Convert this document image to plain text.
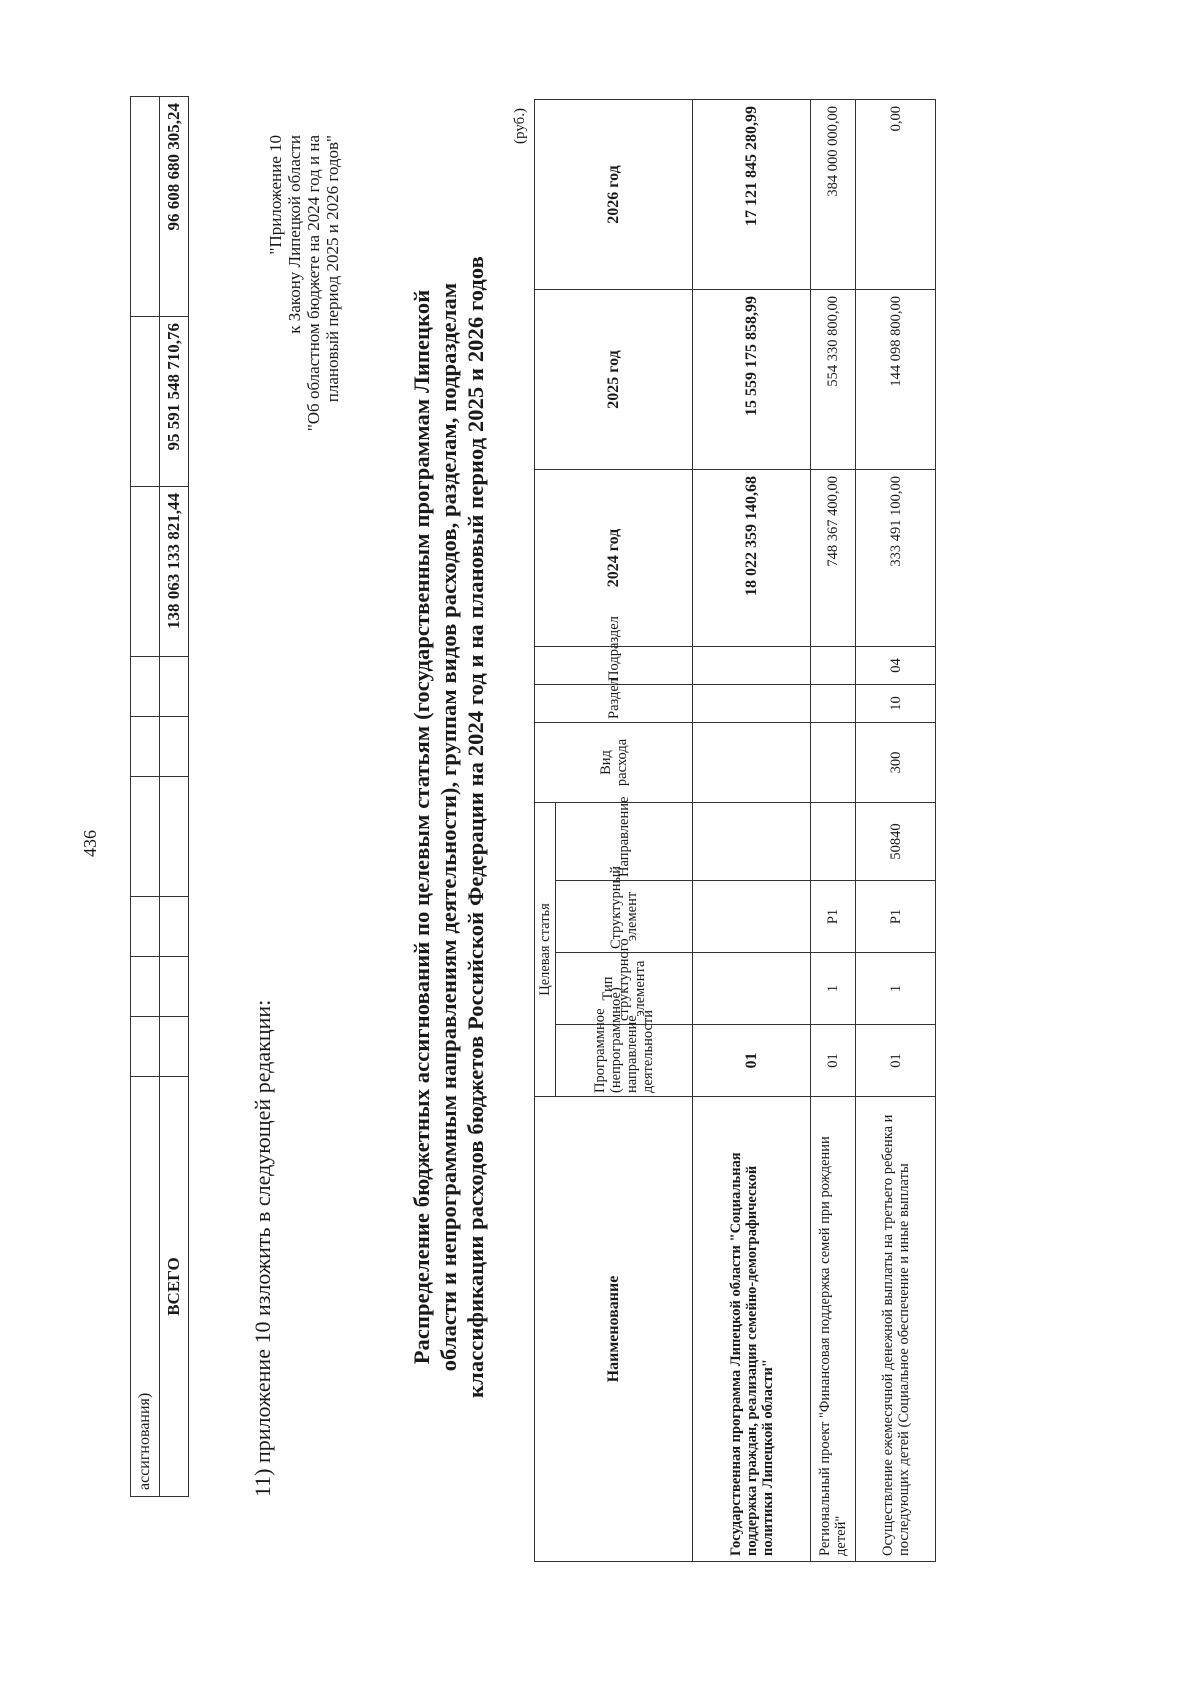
ассигнования)									
ВСЕГО							138 063 133 821,44	95 591 548 710,76	96 608 680 305,24
436
11) приложение 10 изложить в следующей редакции:
"Приложение 10 к Закону Липецкой области "Об областном бюджете на 2024 год и на плановый период 2025 и 2026 годов"
Распределение бюджетных ассигнований по целевым статьям (государственным программам Липецкой области и непрограммным направлениям деятельности), группам видов расходов, разделам, подразделам классификации расходов бюджетов Российской Федерации на 2024 год и на плановый период 2025 и 2026 годов
(руб.)
Наименование	Целевая статья				Вид расхода	Раздел	Подраздел	2024 год	2025 год	2026 год
	Программное (непрограммное) направление деятельности	Тип структурного элемента	Структурный элемент	Направление						
Государственная программа Липецкой области "Социальная поддержка граждан, реализация семейно-демографической политики Липецкой области"	01							18 022 359 140,68	15 559 175 858,99	17 121 845 280,99
Региональный проект "Финансовая поддержка семей при рождении детей"	01	1	Р1					748 367 400,00	554 330 800,00	384 000 000,00
Осуществление ежемесячной денежной выплаты на третьего ребенка и последующих детей (Социальное обеспечение и иные выплаты	01	1	Р1	50840	300	10	04	333 491 100,00	144 098 800,00	0,00
